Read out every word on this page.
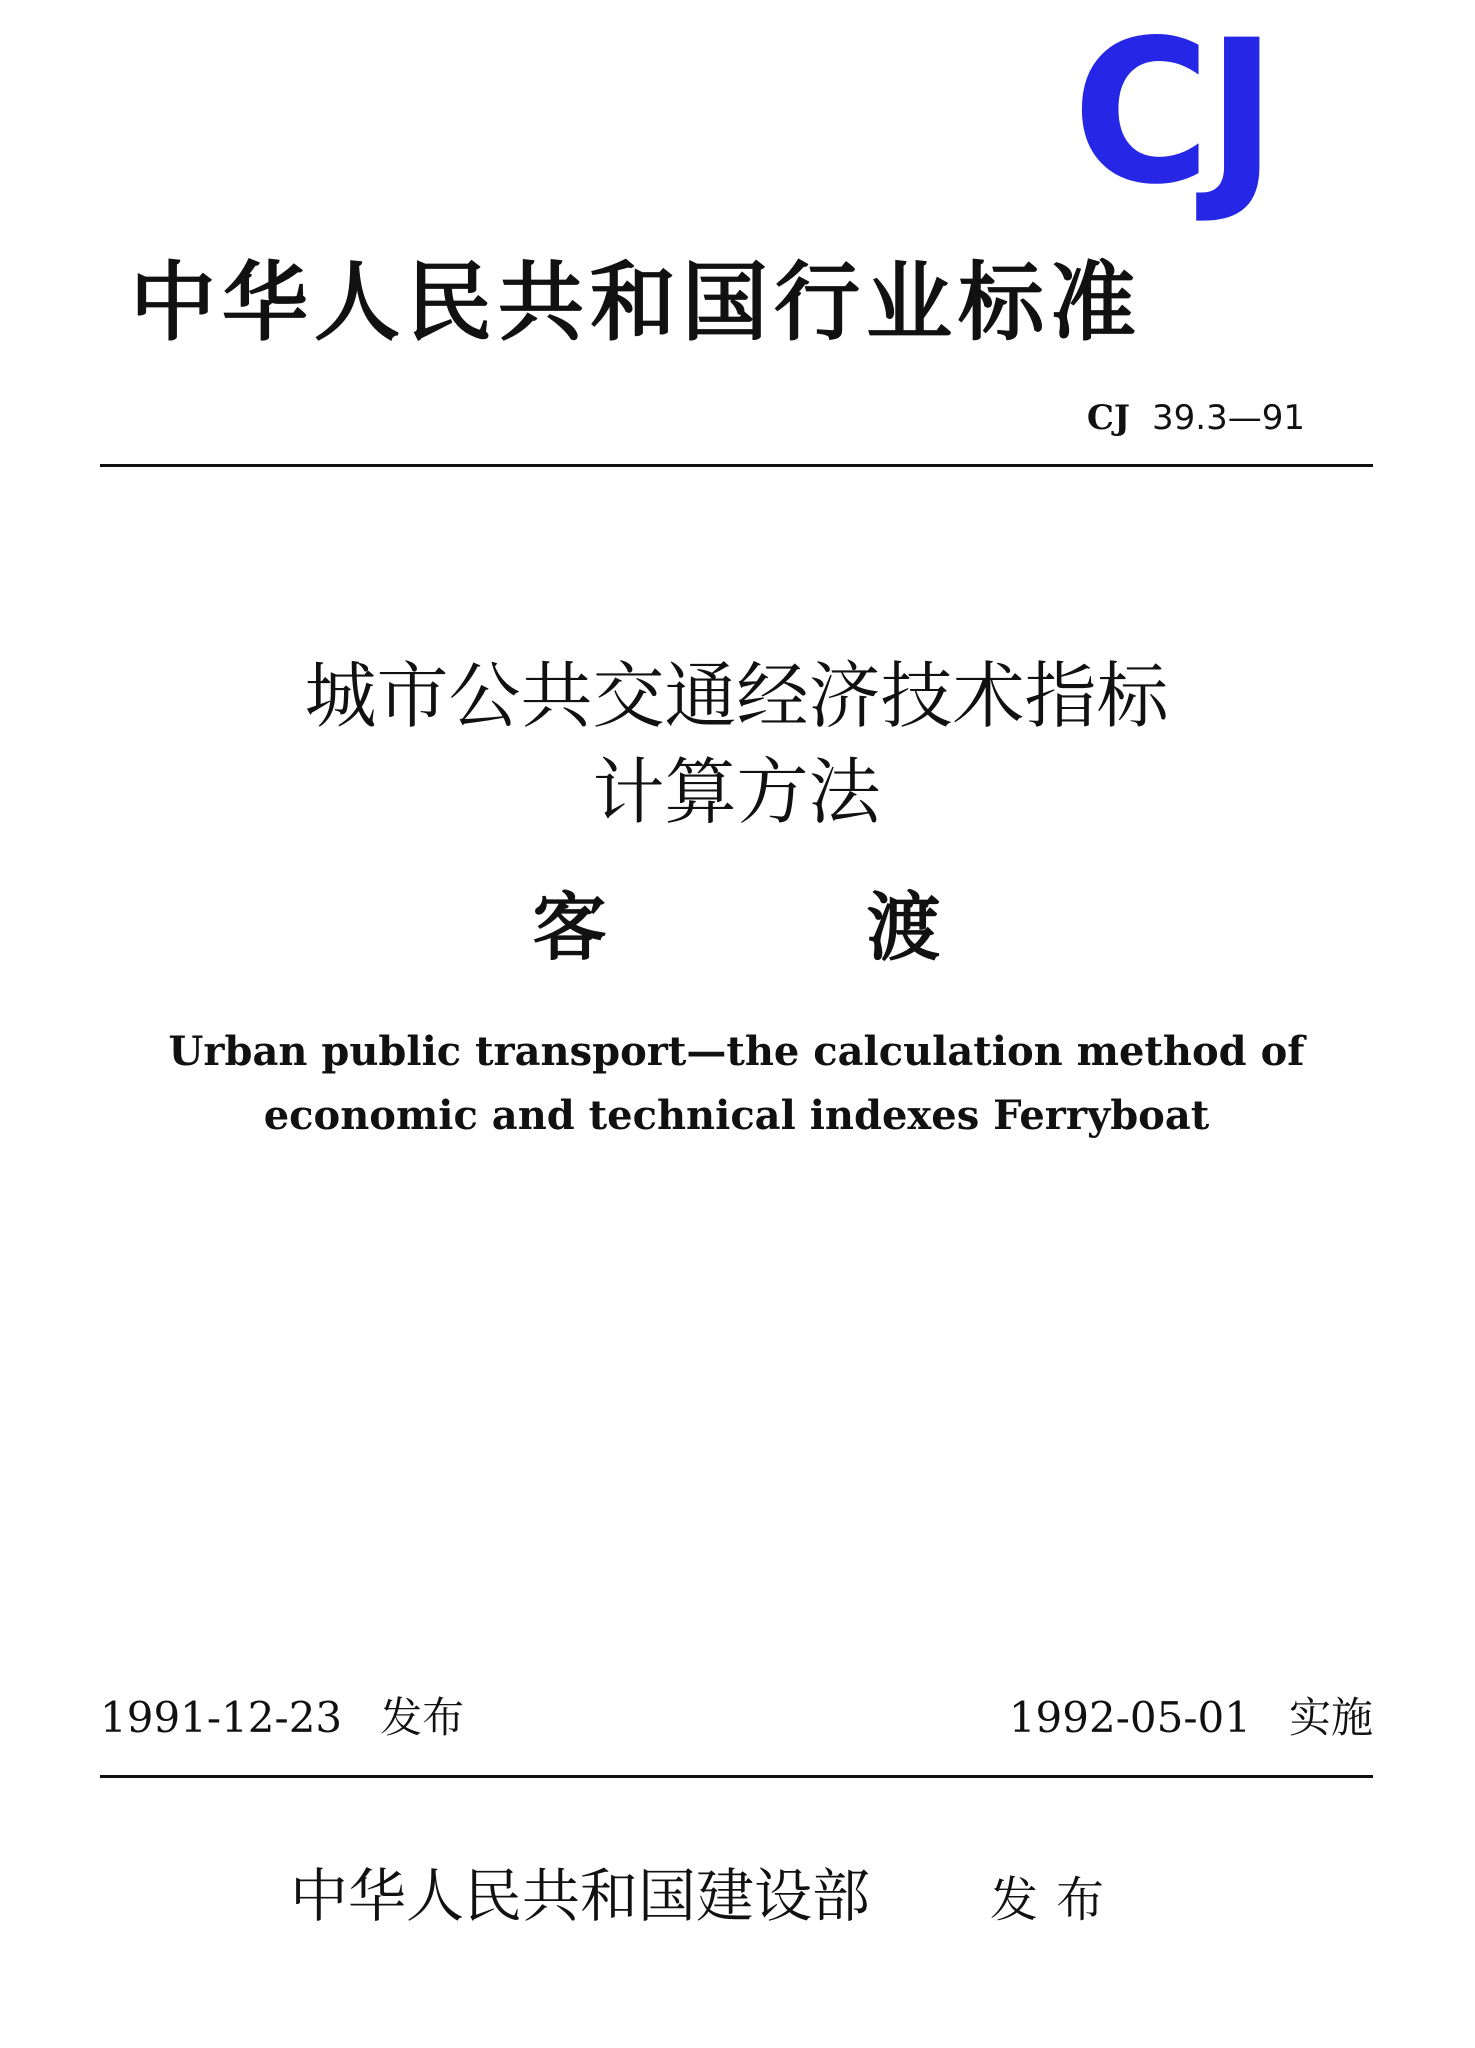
CJ
中华人民共和国行业标准
CJ 39.3—91
城市公共交通经济技术指标
计算方法
客渡
Urban public transport—the calculation method of
economic and technical indexes Ferryboat
1991-12-23 发布	1992-05-01 实施
中华人民共和国建设部	发布
